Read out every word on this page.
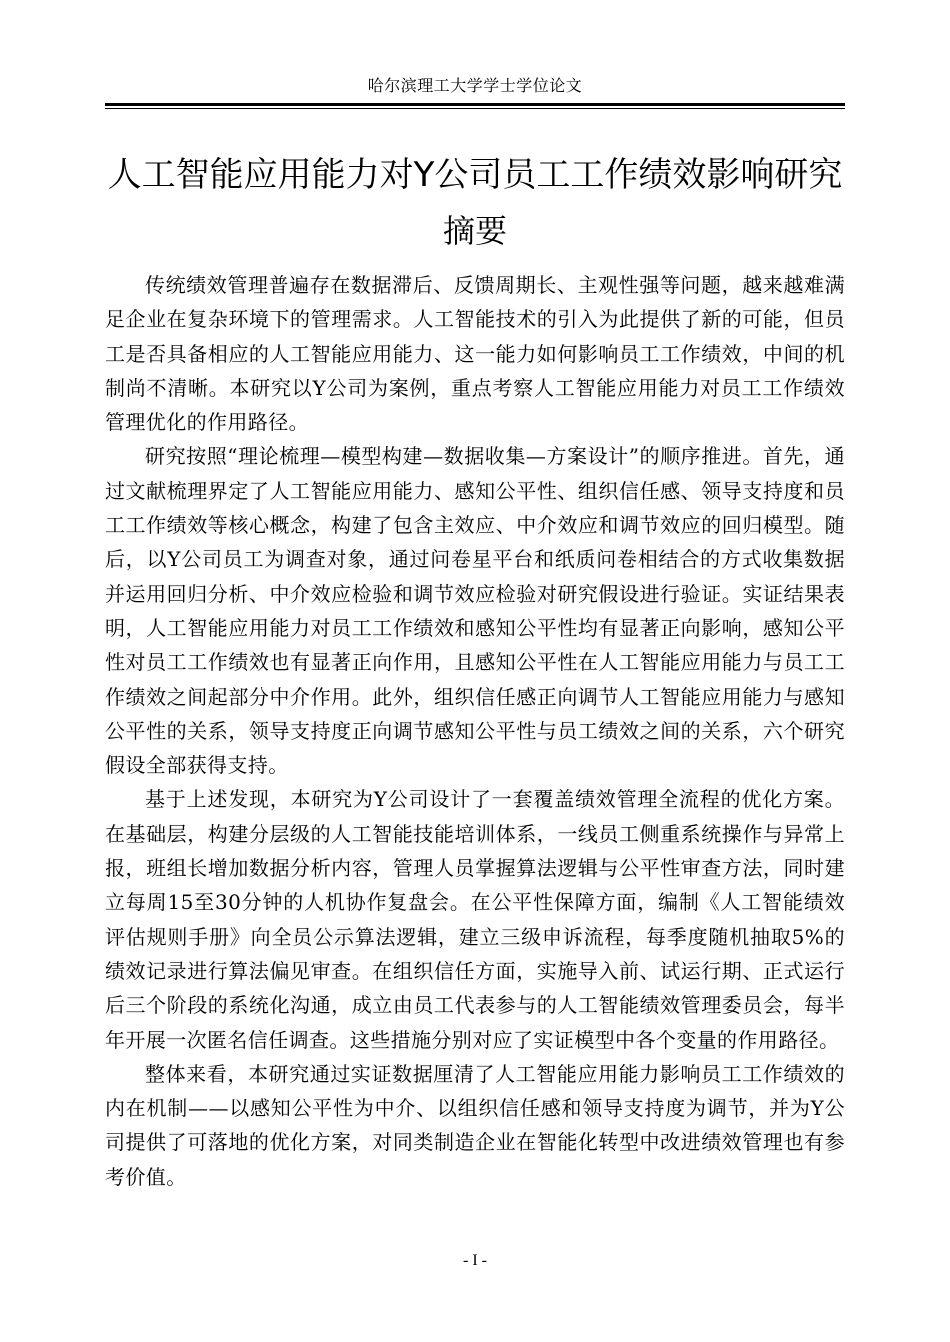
哈尔滨理工大学学士学位论文
人工智能应用能力对Y公司员工工作绩效影响研究
摘要

传统绩效管理普遍存在数据滞后、反馈周期长、主观性强等问题，越来越难满足企业在复杂环境下的管理需求。人工智能技术的引入为此提供了新的可能，但员工是否具备相应的人工智能应用能力、这一能力如何影响员工工作绩效，中间的机制尚不清晰。本研究以Y公司为案例，重点考察人工智能应用能力对员工工作绩效管理优化的作用路径。

研究按照“理论梳理—模型构建—数据收集—方案设计”的顺序推进。首先，通过文献梳理界定了人工智能应用能力、感知公平性、组织信任感、领导支持度和员工工作绩效等核心概念，构建了包含主效应、中介效应和调节效应的回归模型。随后，以Y公司员工为调查对象，通过问卷星平台和纸质问卷相结合的方式收集数据并运用回归分析、中介效应检验和调节效应检验对研究假设进行验证。实证结果表明，人工智能应用能力对员工工作绩效和感知公平性均有显著正向影响，感知公平性对员工工作绩效也有显著正向作用，且感知公平性在人工智能应用能力与员工工作绩效之间起部分中介作用。此外，组织信任感正向调节人工智能应用能力与感知公平性的关系，领导支持度正向调节感知公平性与员工绩效之间的关系，六个研究假设全部获得支持。

基于上述发现，本研究为Y公司设计了一套覆盖绩效管理全流程的优化方案。在基础层，构建分层级的人工智能技能培训体系，一线员工侧重系统操作与异常上报，班组长增加数据分析内容，管理人员掌握算法逻辑与公平性审查方法，同时建立每周15至30分钟的人机协作复盘会。在公平性保障方面，编制《人工智能绩效评估规则手册》向全员公示算法逻辑，建立三级申诉流程，每季度随机抽取5%的绩效记录进行算法偏见审查。在组织信任方面，实施导入前、试运行期、正式运行后三个阶段的系统化沟通，成立由员工代表参与的人工智能绩效管理委员会，每半年开展一次匿名信任调查。这些措施分别对应了实证模型中各个变量的作用路径。

整体来看，本研究通过实证数据厘清了人工智能应用能力影响员工工作绩效的内在机制——以感知公平性为中介、以组织信任感和领导支持度为调节，并为Y公司提供了可落地的优化方案，对同类制造企业在智能化转型中改进绩效管理也有参考价值。

- I -
